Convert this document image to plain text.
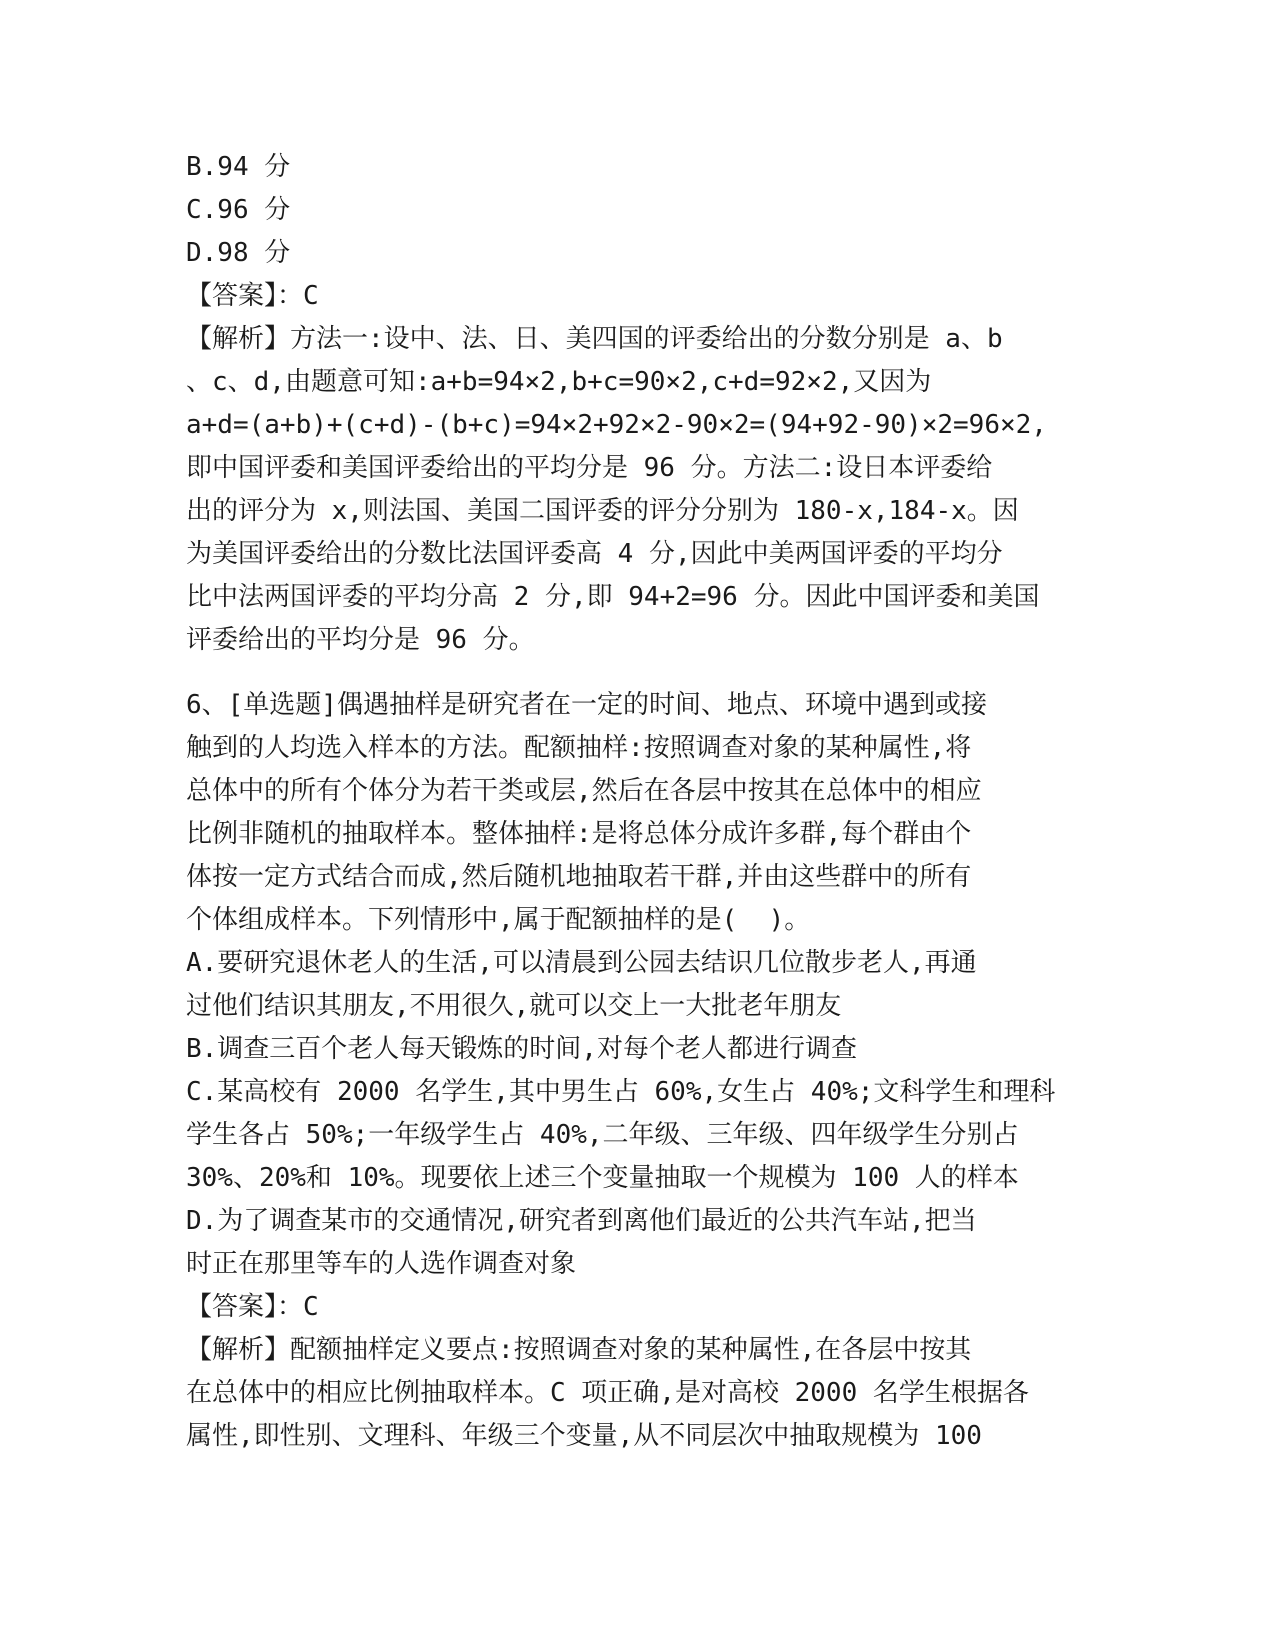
B.94 分
C.96 分
D.98 分
【答案】：C
【解析】方法一:设中、法、日、美四国的评委给出的分数分别是 a、b
、c、d,由题意可知:a+b=94×2,b+c=90×2,c+d=92×2,又因为
a+d=(a+b)+(c+d)-(b+c)=94×2+92×2-90×2=(94+92-90)×2=96×2,
即中国评委和美国评委给出的平均分是 96 分。方法二:设日本评委给
出的评分为 x,则法国、美国二国评委的评分分别为 180-x,184-x。因
为美国评委给出的分数比法国评委高 4 分,因此中美两国评委的平均分
比中法两国评委的平均分高 2 分,即 94+2=96 分。因此中国评委和美国
评委给出的平均分是 96 分。
6、[单选题]偶遇抽样是研究者在一定的时间、地点、环境中遇到或接
触到的人均选入样本的方法。配额抽样:按照调查对象的某种属性,将
总体中的所有个体分为若干类或层,然后在各层中按其在总体中的相应
比例非随机的抽取样本。整体抽样:是将总体分成许多群,每个群由个
体按一定方式结合而成,然后随机地抽取若干群,并由这些群中的所有
个体组成样本。下列情形中,属于配额抽样的是(  )。
A.要研究退休老人的生活,可以清晨到公园去结识几位散步老人,再通
过他们结识其朋友,不用很久,就可以交上一大批老年朋友
B.调查三百个老人每天锻炼的时间,对每个老人都进行调查
C.某高校有 2000 名学生,其中男生占 60%,女生占 40%;文科学生和理科
学生各占 50%;一年级学生占 40%,二年级、三年级、四年级学生分别占
30%、20%和 10%。现要依上述三个变量抽取一个规模为 100 人的样本
D.为了调查某市的交通情况,研究者到离他们最近的公共汽车站,把当
时正在那里等车的人选作调查对象
【答案】：C
【解析】配额抽样定义要点:按照调查对象的某种属性,在各层中按其
在总体中的相应比例抽取样本。C 项正确,是对高校 2000 名学生根据各
属性,即性别、文理科、年级三个变量,从不同层次中抽取规模为 100
